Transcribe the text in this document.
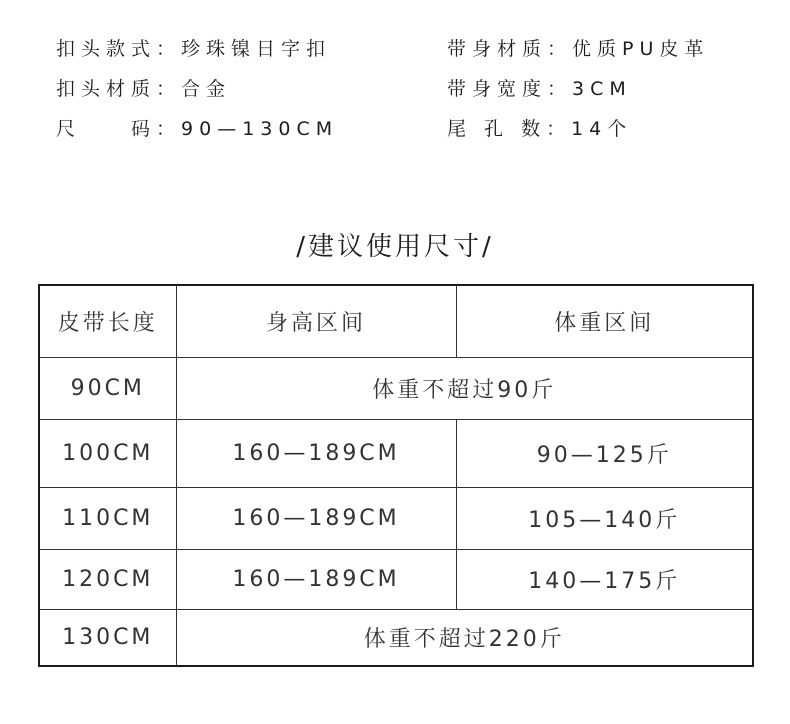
扣头款式：珍珠镍日字扣
扣头材质：合金
尺　　码：90—130CM
带身材质：优质PU皮革
带身宽度：3CM
尾 孔 数：14个
/建议使用尺寸/
皮带长度	身高区间	体重区间
90CM	体重不超过90斤	
100CM	160—189CM	90—125斤
110CM	160—189CM	105—140斤
120CM	160—189CM	140—175斤
130CM	体重不超过220斤	
